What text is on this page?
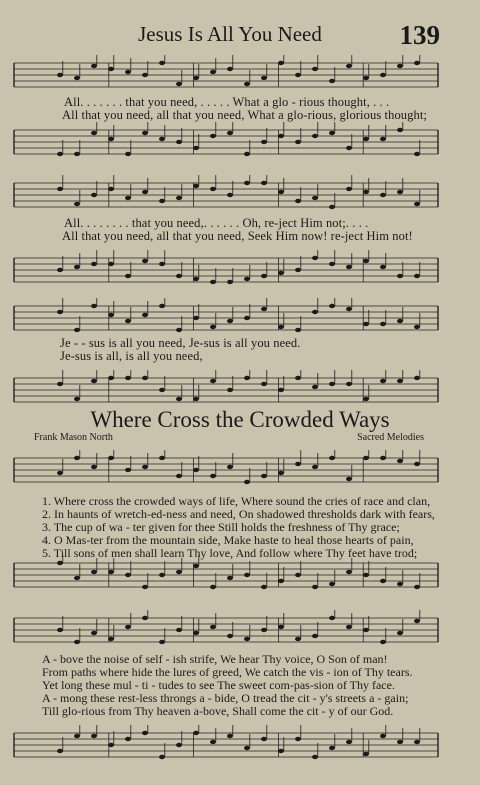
Jesus Is All You Need	139
All. . . . . . . that you need, . . . . . What a glo - rious thought, . . .
All that you need, all that you need, What a glo-rious, glorious thought;
All. . . . . . . . that you need,. . . . . . Oh, re-ject Him not;. . . .
All that you need, all that you need, Seek Him now! re-ject Him not!
Je - - sus is all you need, Je-sus is all you need.
Je-sus is all, is all you need,
Where Cross the Crowded Ways
Frank Mason North	Sacred Melodies
1. Where cross the crowded ways of life, Where sound the cries of race and clan,
2. In haunts of wretch-ed-ness and need, On shadowed thresholds dark with fears,
3. The cup of wa - ter given for thee Still holds the freshness of Thy grace;
4. O Mas-ter from the mountain side, Make haste to heal those hearts of pain,
5. Till sons of men shall learn Thy love, And follow where Thy feet have trod;
A - bove the noise of self - ish strife, We hear Thy voice, O Son of man!
From paths where hide the lures of greed, We catch the vis - ion of Thy tears.
Yet long these mul - ti - tudes to see The sweet com-pas-sion of Thy face.
A - mong these rest-less throngs a - bide, O tread the cit - y's streets a - gain;
Till glo-rious from Thy heaven a-bove, Shall come the cit - y of our God.
